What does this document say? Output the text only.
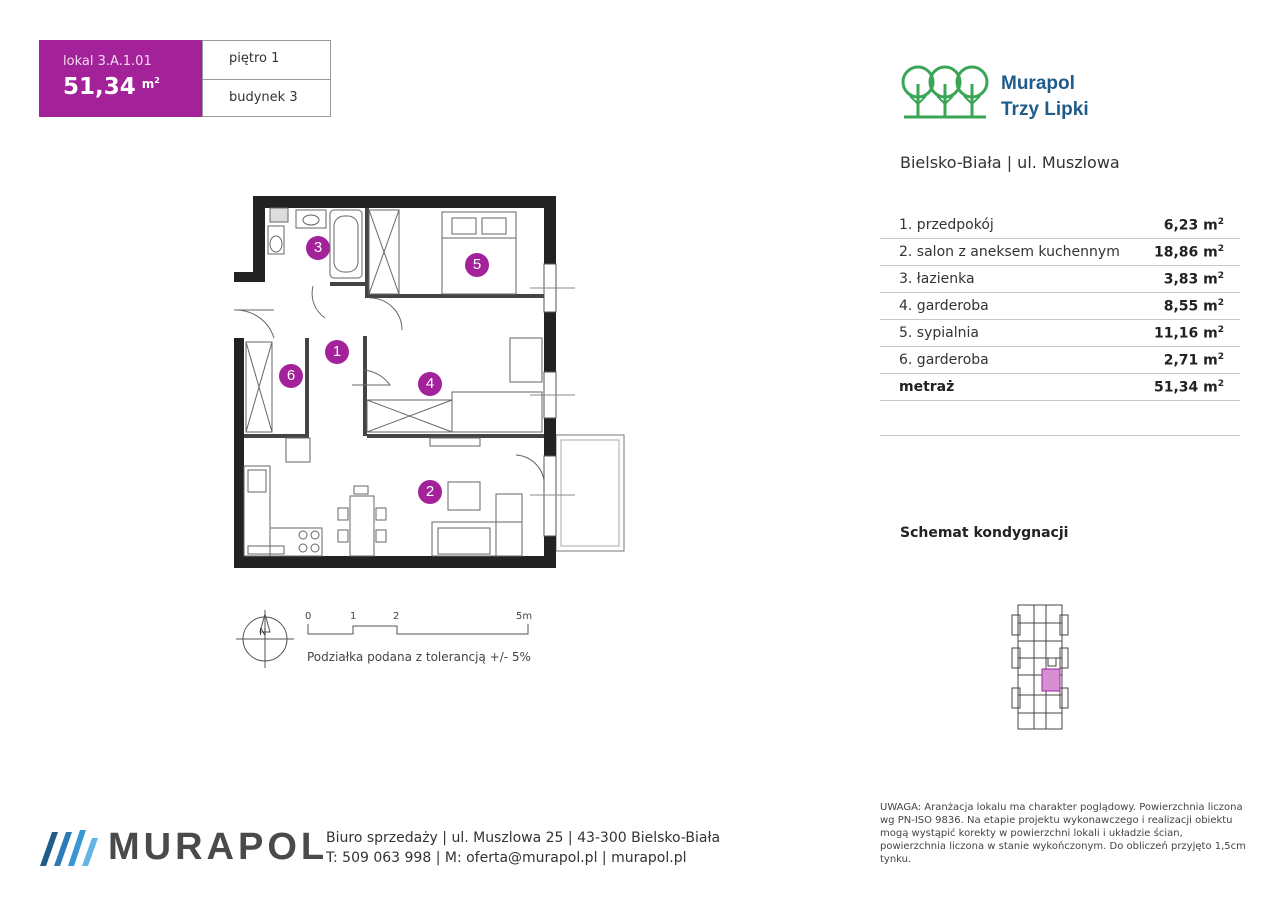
lokal 3.A.1.01
51,34 $^{m^2}$
piętro 1
budynek 3
Murapol
Trzy Lipki
Bielsko-Biała | ul. Muszlowa
1. przedpokój	6,23 $m^2$
2. salon z aneksem kuchennym 18,86 $m^2$
3. łazienka	3,83 $m^2$
4. garderoba	8,55 $m^2$
5. sypialnia	11,16 $m^2$
6. garderoba	2,71 $m^2$
metraż	51,34 $m^2$
Schemat kondygnacji
3
5
1
6	4
2
N
0	1	2	5m
Podziałka podana z tolerancją +/- 5%
MURAPOL
Biuro sprzedaży | ul. Muszlowa 25 | 43-300 Bielsko-Biała
T: 509 063 998 | M: oferta@murapol.pl | murapol.pl
UWAGA: Aranżacja lokalu ma charakter poglądowy. Powierzchnia liczona wg PN-ISO 9836. Na etapie projektu wykonawczego i realizacji obiektu mogą wystąpić korekty w powierzchni lokali i układzie ścian, powierzchnia liczona w stanie wykończonym. Do obliczeń przyjęto 1,5cm tynku.
